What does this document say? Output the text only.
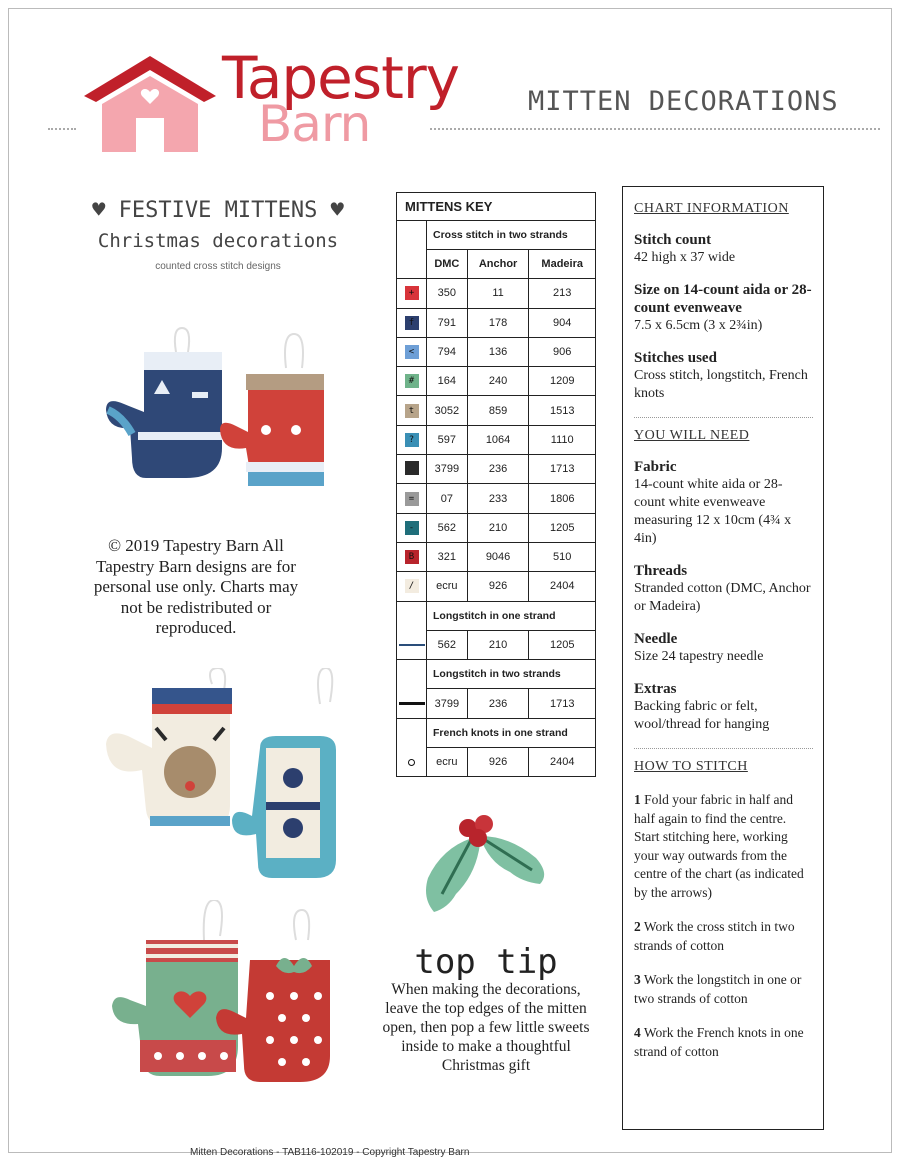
Tapestry
Barn	MITTEN DECORATIONS
♥ FESTIVE MITTENS ♥
Christmas decorations
counted cross stitch designs
© 2019 Tapestry Barn All Tapestry Barn designs are for personal use only. Charts may not be redistributed or reproduced.
MITTENS KEY			
	Cross stitch in two strands		
	DMC	Anchor	Madeira
+	350	11	213
f	791	178	904
<	794	136	906
#	164	240	1209
t	3052	859	1513
?	597	1064	1110
	3799	236	1713
=	07	233	1806
-	562	210	1205
B	321	9046	510
/	ecru	926	2404
	Longstitch in one strand		
	562	210	1205
	Longstitch in two strands		
	3799	236	1713
	French knots in one strand		
	ecru	926	2404
top tip
When making the decorations, leave the top edges of the mitten open, then pop a few little sweets inside to make a thoughtful Christmas gift
CHART INFORMATION
Stitch count
42 high x 37 wide
Size on 14-count aida or 28-count evenweave
7.5 x 6.5cm (3 x 2¾in)
Stitches used
Cross stitch, longstitch, French knots
YOU WILL NEED
Fabric
14-count white aida or 28-count white evenweave measuring 12 x 10cm (4¾ x 4in)
Threads
Stranded cotton (DMC, Anchor or Madeira)
Needle
Size 24 tapestry needle
Extras
Backing fabric or felt, wool/thread for hanging
HOW TO STITCH
1 Fold your fabric in half and half again to find the centre. Start stitching here, working your way outwards from the centre of the chart (as indicated by the arrows)
2 Work the cross stitch in two strands of cotton
3 Work the longstitch in one or two strands of cotton
4 Work the French knots in one strand of cotton
Mitten Decorations - TAB116-102019 - Copyright Tapestry Barn
